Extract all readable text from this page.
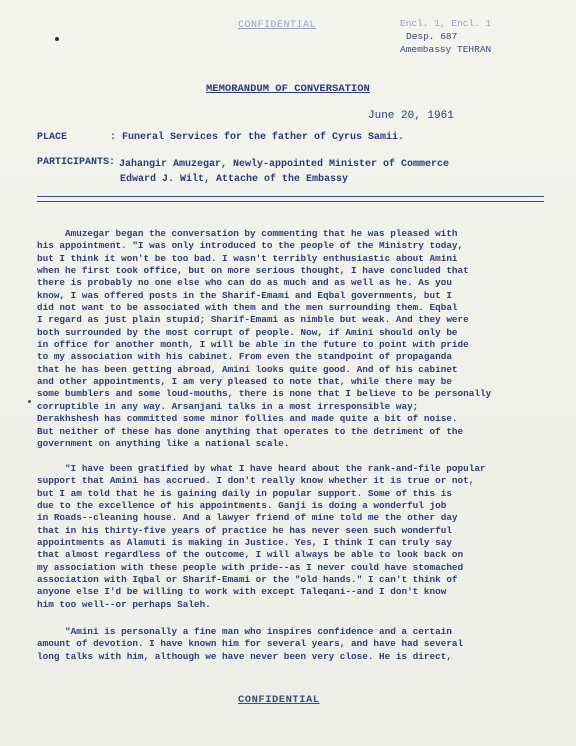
CONFIDENTIAL	Encl. 1, Encl. 1
Desp. 687
Amembassy TEHRAN
MEMORANDUM OF CONVERSATION
June 20, 1961
PLACE	: Funeral Services for the father of Cyrus Samii.
PARTICIPANTS: Jahangir Amuzegar, Newly-appointed Minister of Commerce
Edward J. Wilt, Attache of the Embassy
Amuzegar began the conversation by commenting that he was pleased with
his appointment. "I was only introduced to the people of the Ministry today,
but I think it won't be too bad. I wasn't terribly enthusiastic about Amini
when he first took office, but on more serious thought, I have concluded that
there is probably no one else who can do as much and as well as he. As you
know, I was offered posts in the Sharif-Emami and Eqbal governments, but I
did not want to be associated with them and the men surrounding them. Eqbal
I regard as just plain stupid; Sharif-Emami as nimble but weak. And they were
both surrounded by the most corrupt of people. Now, if Amini should only be
in office for another month, I will be able in the future to point with pride
to my association with his cabinet. From even the standpoint of propaganda
that he has been getting abroad, Amini looks quite good. And of his cabinet
and other appointments, I am very pleased to note that, while there may be
some bumblers and some loud-mouths, there is none that I believe to be personally
corruptible in any way. Arsanjani talks in a most irresponsible way;
Derakhshesh has committed some minor follies and made quite a bit of noise.
But neither of these has done anything that operates to the detriment of the
government on anything like a national scale.
"I have been gratified by what I have heard about the rank-and-file popular
support that Amini has accrued. I don't really know whether it is true or not,
but I am told that he is gaining daily in popular support. Some of this is
due to the excellence of his appointments. Ganji is doing a wonderful job
in Roads--cleaning house. And a lawyer friend of mine told me the other day
that in his thirty-five years of practice he has never seen such wonderful
appointments as Alamuti is making in Justice. Yes, I think I can truly say
that almost regardless of the outcome, I will always be able to look back on
my association with these people with pride--as I never could have stomached
association with Iqbal or Sharif-Emami or the "old hands." I can't think of
anyone else I'd be willing to work with except Taleqani--and I don't know
him too well--or perhaps Saleh.
"Amini is personally a fine man who inspires confidence and a certain
amount of devotion. I have known him for several years, and have had several
long talks with him, although we have never been very close. He is direct,
CONFIDENTIAL
